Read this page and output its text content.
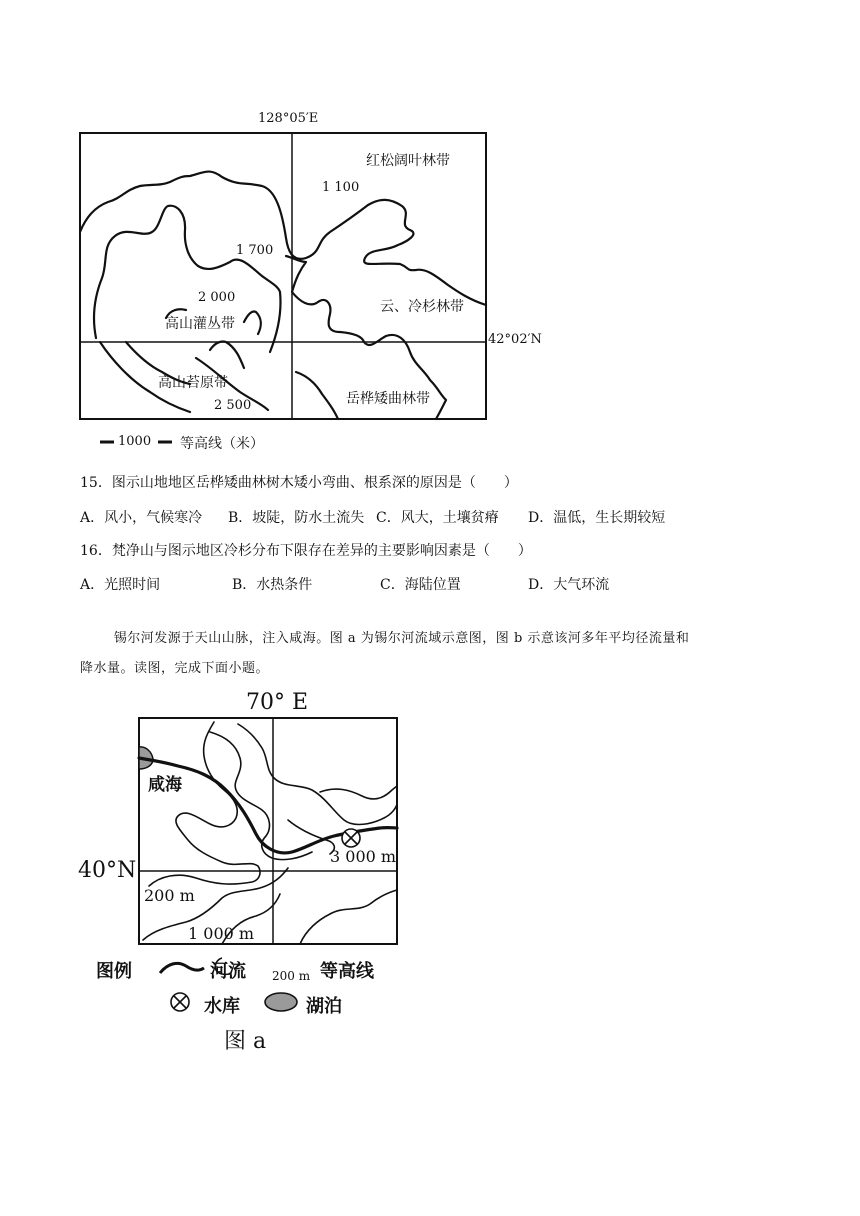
128°05′E
42°02′N
红松阔叶林带
云、冷杉林带
高山灌丛带
高山苔原带
岳桦矮曲林带
1 100
1 700
2 000
2 500
1000 等高线（米）
15．图示山地地区岳桦矮曲林树木矮小弯曲、根系深的原因是（　　）
A．风小，气候寒冷 B．坡陡，防水土流失 C．风大，土壤贫瘠 D．温低，生长期较短
16．梵净山与图示地区冷杉分布下限存在差异的主要影响因素是（　　）
A．光照时间	B．水热条件	C．海陆位置	D．大气环流
锡尔河发源于天山山脉，注入咸海。图 a 为锡尔河流域示意图，图 b 示意该河多年平均径流量和
降水量。读图，完成下面小题。
70° E
40°N
咸海
200 m
1 000 m
3 000 m
图例	河流 200 m 等高线
水库	湖泊
图 a
